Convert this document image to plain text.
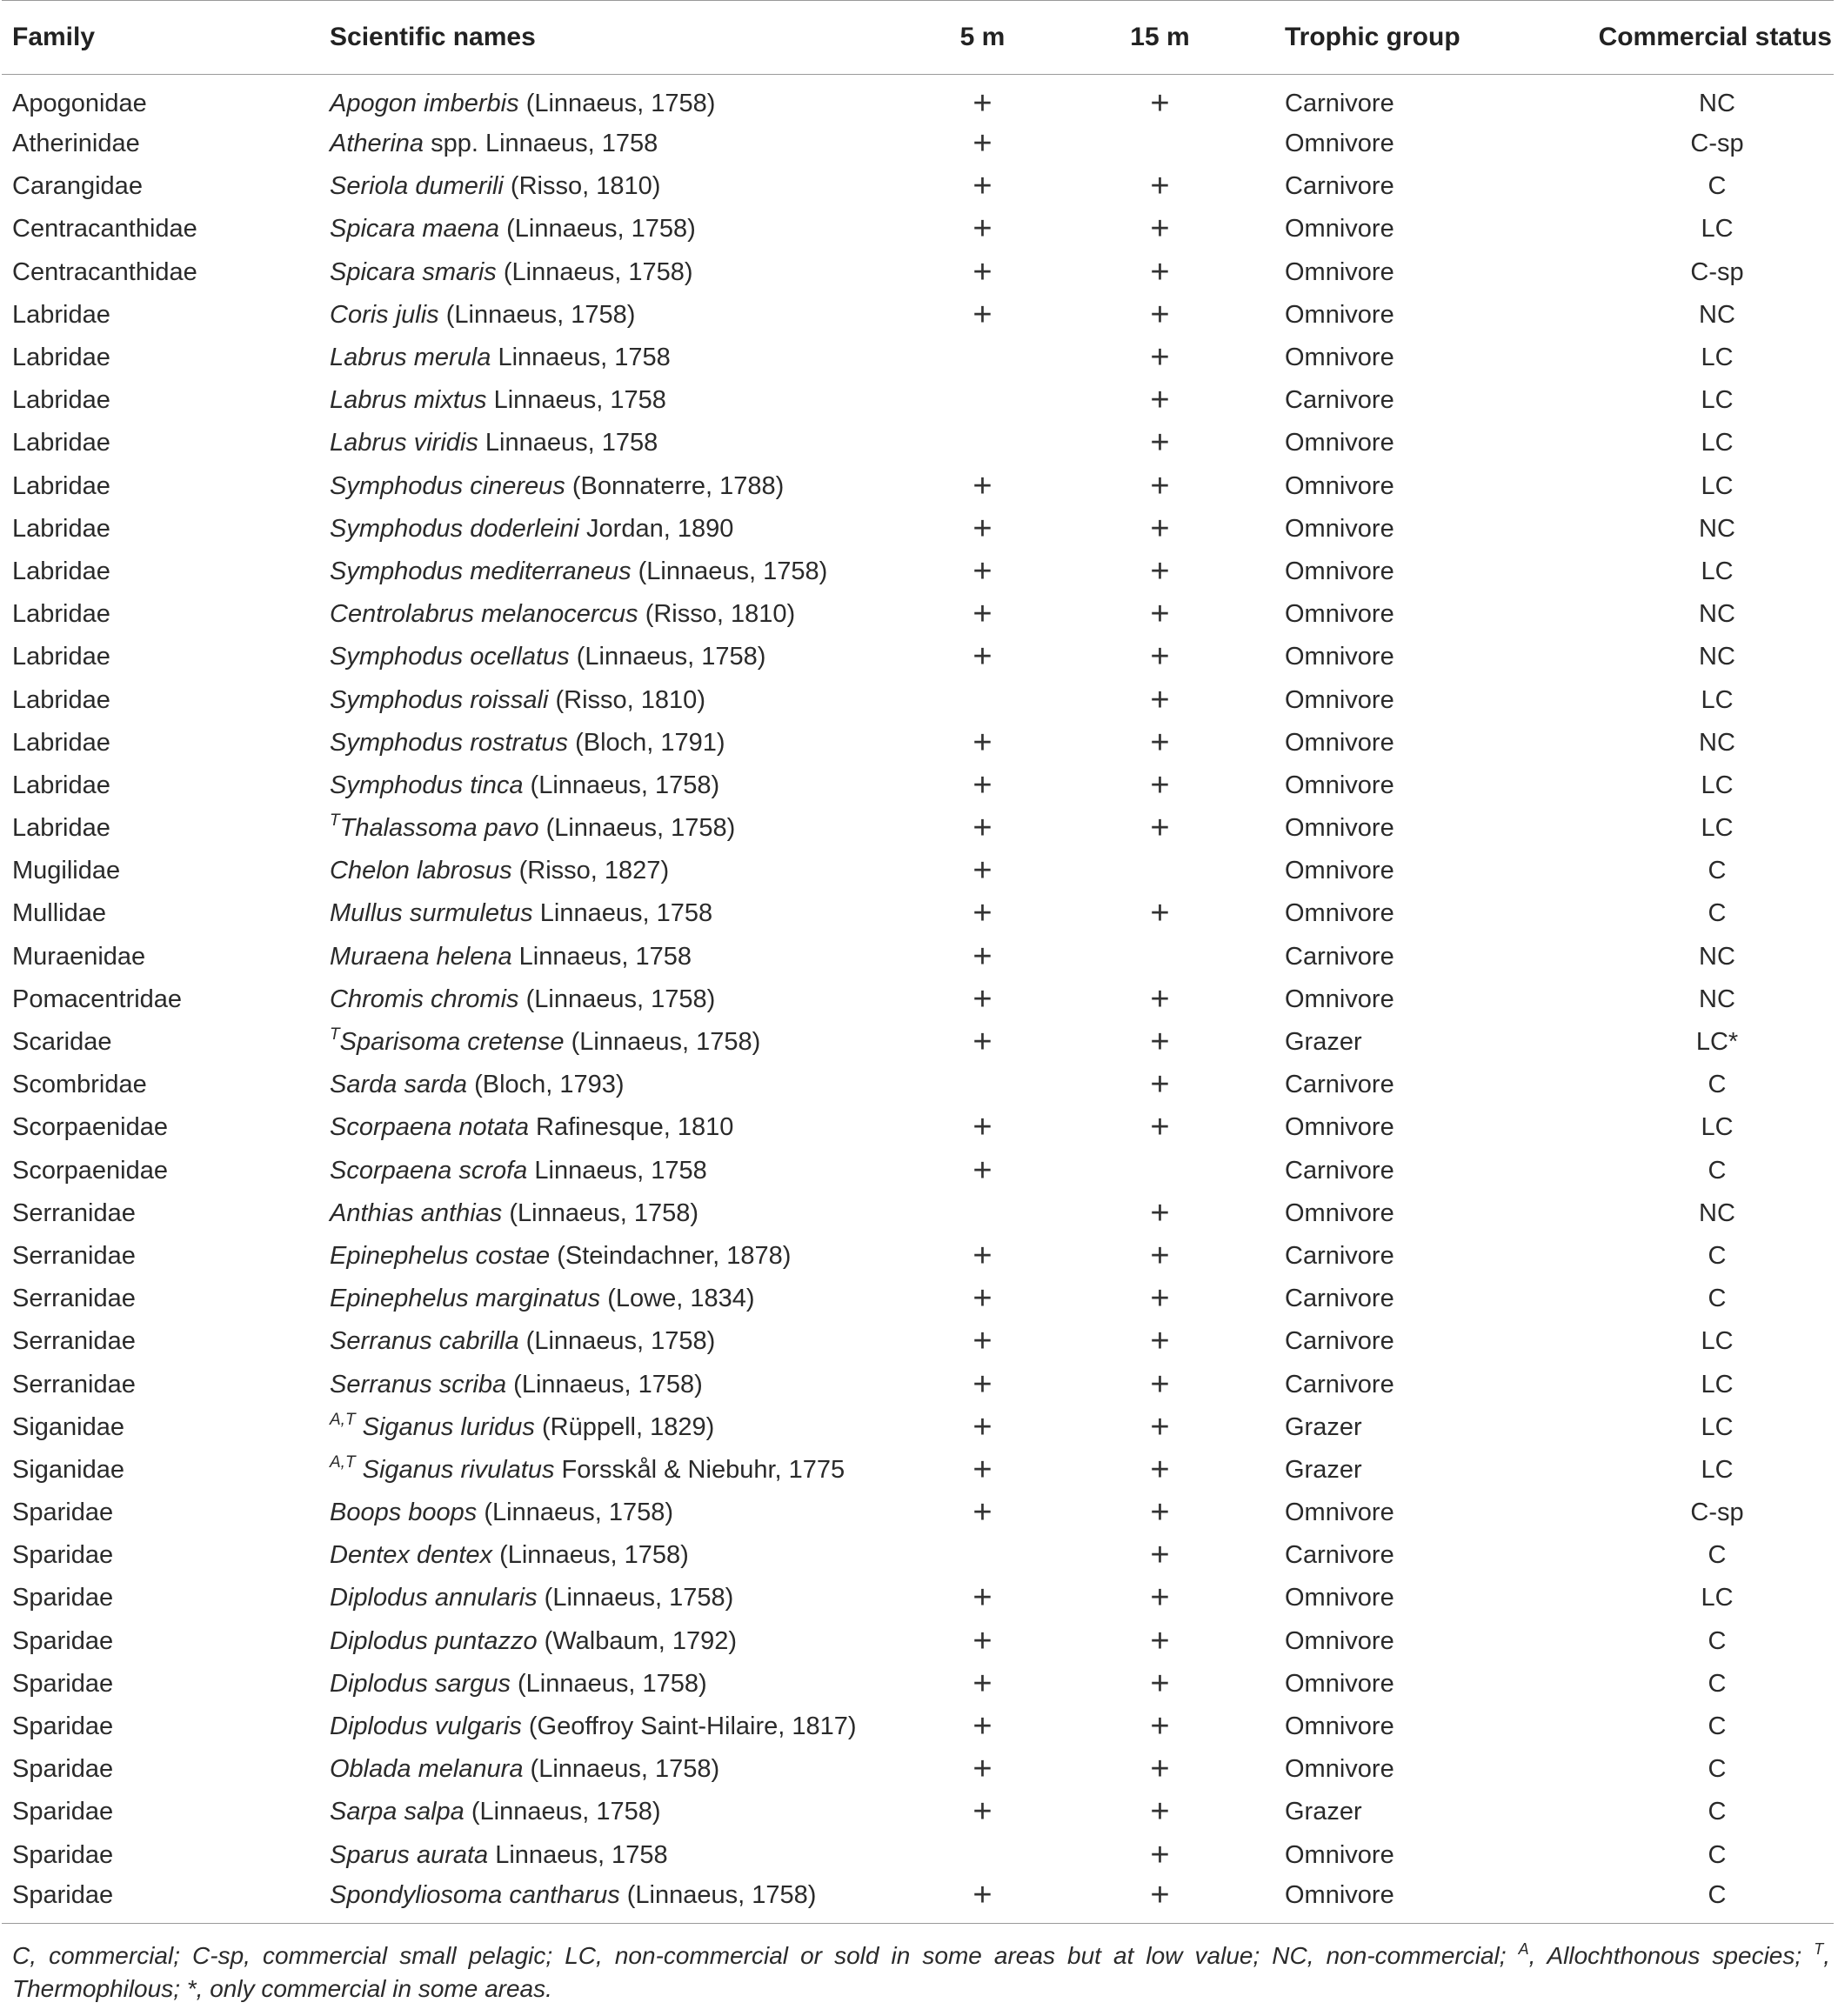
Family	Scientific names	5 m	15 m	Trophic group	Commercial status
Apogonidae	Apogon imberbis (Linnaeus, 1758)	+	+	Carnivore	NC
Atherinidae	Atherina spp. Linnaeus, 1758	+		Omnivore	C-sp
Carangidae	Seriola dumerili (Risso, 1810)	+	+	Carnivore	C
Centracanthidae	Spicara maena (Linnaeus, 1758)	+	+	Omnivore	LC
Centracanthidae	Spicara smaris (Linnaeus, 1758)	+	+	Omnivore	C-sp
Labridae	Coris julis (Linnaeus, 1758)	+	+	Omnivore	NC
Labridae	Labrus merula Linnaeus, 1758		+	Omnivore	LC
Labridae	Labrus mixtus Linnaeus, 1758		+	Carnivore	LC
Labridae	Labrus viridis Linnaeus, 1758		+	Omnivore	LC
Labridae	Symphodus cinereus (Bonnaterre, 1788)	+	+	Omnivore	LC
Labridae	Symphodus doderleini Jordan, 1890	+	+	Omnivore	NC
Labridae	Symphodus mediterraneus (Linnaeus, 1758)	+	+	Omnivore	LC
Labridae	Centrolabrus melanocercus (Risso, 1810)	+	+	Omnivore	NC
Labridae	Symphodus ocellatus (Linnaeus, 1758)	+	+	Omnivore	NC
Labridae	Symphodus roissali (Risso, 1810)		+	Omnivore	LC
Labridae	Symphodus rostratus (Bloch, 1791)	+	+	Omnivore	NC
Labridae	Symphodus tinca (Linnaeus, 1758)	+	+	Omnivore	LC
Labridae	$^T$Thalassoma pavo (Linnaeus, 1758)	+	+	Omnivore	LC
Mugilidae	Chelon labrosus (Risso, 1827)	+		Omnivore	C
Mullidae	Mullus surmuletus Linnaeus, 1758	+	+	Omnivore	C
Muraenidae	Muraena helena Linnaeus, 1758	+		Carnivore	NC
Pomacentridae	Chromis chromis (Linnaeus, 1758)	+	+	Omnivore	NC
Scaridae	$^T$Sparisoma cretense (Linnaeus, 1758)	+	+	Grazer	LC*
Scombridae	Sarda sarda (Bloch, 1793)		+	Carnivore	C
Scorpaenidae	Scorpaena notata Rafinesque, 1810	+	+	Omnivore	LC
Scorpaenidae	Scorpaena scrofa Linnaeus, 1758	+		Carnivore	C
Serranidae	Anthias anthias (Linnaeus, 1758)		+	Omnivore	NC
Serranidae	Epinephelus costae (Steindachner, 1878)	+	+	Carnivore	C
Serranidae	Epinephelus marginatus (Lowe, 1834)	+	+	Carnivore	C
Serranidae	Serranus cabrilla (Linnaeus, 1758)	+	+	Carnivore	LC
Serranidae	Serranus scriba (Linnaeus, 1758)	+	+	Carnivore	LC
Siganidae	$^{A,T}$ Siganus luridus (Rüppell, 1829)	+	+	Grazer	LC
Siganidae	$^{A,T}$ Siganus rivulatus Forsskål & Niebuhr, 1775	+	+	Grazer	LC
Sparidae	Boops boops (Linnaeus, 1758)	+	+	Omnivore	C-sp
Sparidae	Dentex dentex (Linnaeus, 1758)		+	Carnivore	C
Sparidae	Diplodus annularis (Linnaeus, 1758)	+	+	Omnivore	LC
Sparidae	Diplodus puntazzo (Walbaum, 1792)	+	+	Omnivore	C
Sparidae	Diplodus sargus (Linnaeus, 1758)	+	+	Omnivore	C
Sparidae	Diplodus vulgaris (Geoffroy Saint-Hilaire, 1817)	+	+	Omnivore	C
Sparidae	Oblada melanura (Linnaeus, 1758)	+	+	Omnivore	C
Sparidae	Sarpa salpa (Linnaeus, 1758)	+	+	Grazer	C
Sparidae	Sparus aurata Linnaeus, 1758		+	Omnivore	C
Sparidae	Spondyliosoma cantharus (Linnaeus, 1758)	+	+	Omnivore	C
C, commercial; C-sp, commercial small pelagic; LC, non-commercial or sold in some areas but at low value; NC, non-commercial; $^A$, Allochthonous species; $^T$, Thermophilous; *, only commercial in some areas.
